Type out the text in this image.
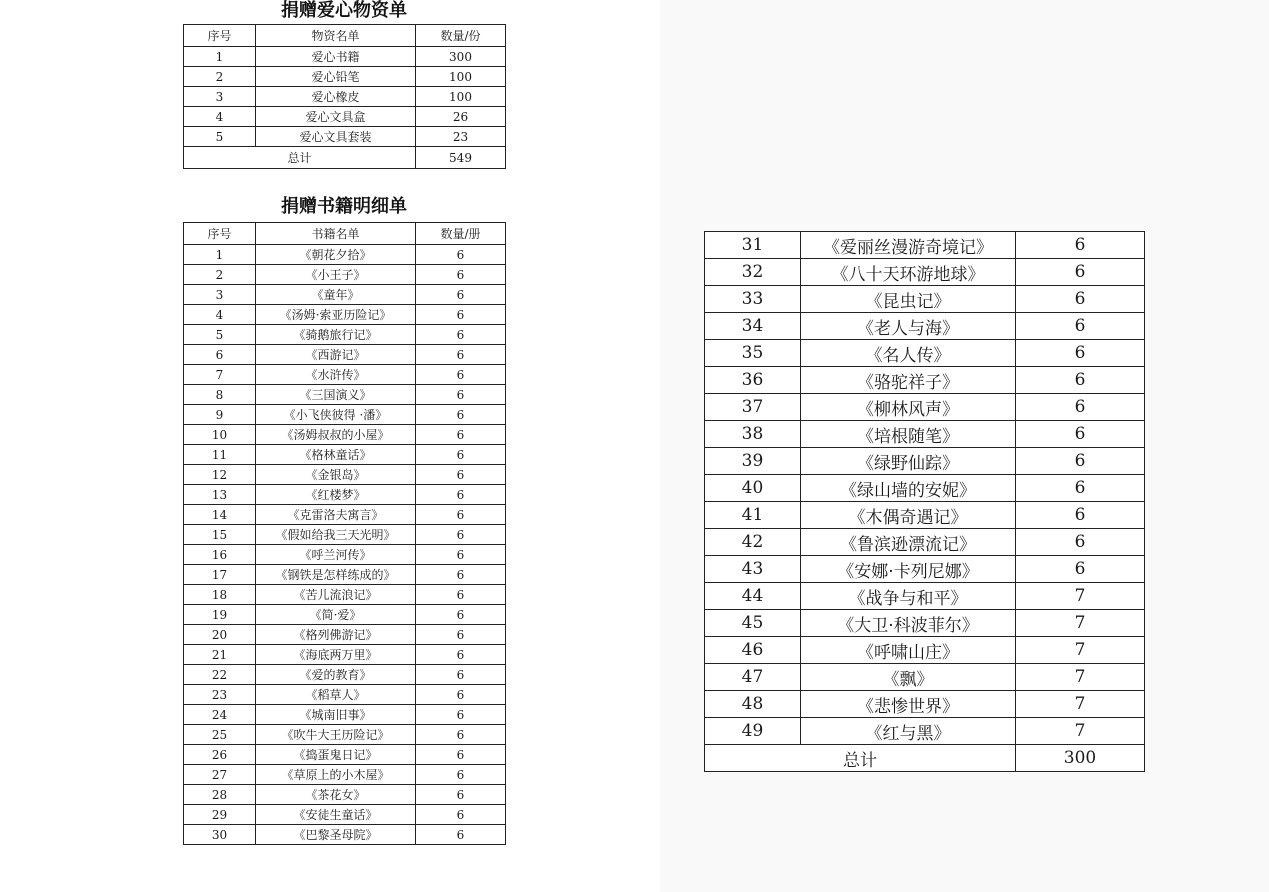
捐赠爱心物资单
序号	物资名单	数量/份
1	爱心书籍	300
2	爱心铅笔	100
3	爱心橡皮	100
4	爱心文具盒	26
5	爱心文具套装	23
总计		549
捐赠书籍明细单
序号	书籍名单	数量/册
1	《朝花夕拾》	6
2	《小王子》	6
3	《童年》	6
4	《汤姆·索亚历险记》	6
5	《骑鹅旅行记》	6
6	《西游记》	6
7	《水浒传》	6
8	《三国演义》	6
9	《小飞侠彼得 ·潘》	6
10	《汤姆叔叔的小屋》	6
11	《格林童话》	6
12	《金银岛》	6
13	《红楼梦》	6
14	《克雷洛夫寓言》	6
15	《假如给我三天光明》	6
16	《呼兰河传》	6
17	《钢铁是怎样练成的》	6
18	《苦儿流浪记》	6
19	《简·爱》	6
20	《格列佛游记》	6
21	《海底两万里》	6
22	《爱的教育》	6
23	《稻草人》	6
24	《城南旧事》	6
25	《吹牛大王历险记》	6
26	《捣蛋鬼日记》	6
27	《草原上的小木屋》	6
28	《茶花女》	6
29	《安徒生童话》	6
30	《巴黎圣母院》	6
31	《爱丽丝漫游奇境记》	6
32	《八十天环游地球》	6
33	《昆虫记》	6
34	《老人与海》	6
35	《名人传》	6
36	《骆驼祥子》	6
37	《柳林风声》	6
38	《培根随笔》	6
39	《绿野仙踪》	6
40	《绿山墙的安妮》	6
41	《木偶奇遇记》	6
42	《鲁滨逊漂流记》	6
43	《安娜·卡列尼娜》	6
44	《战争与和平》	7
45	《大卫·科波菲尔》	7
46	《呼啸山庄》	7
47	《飘》	7
48	《悲惨世界》	7
49	《红与黑》	7
总计		300
